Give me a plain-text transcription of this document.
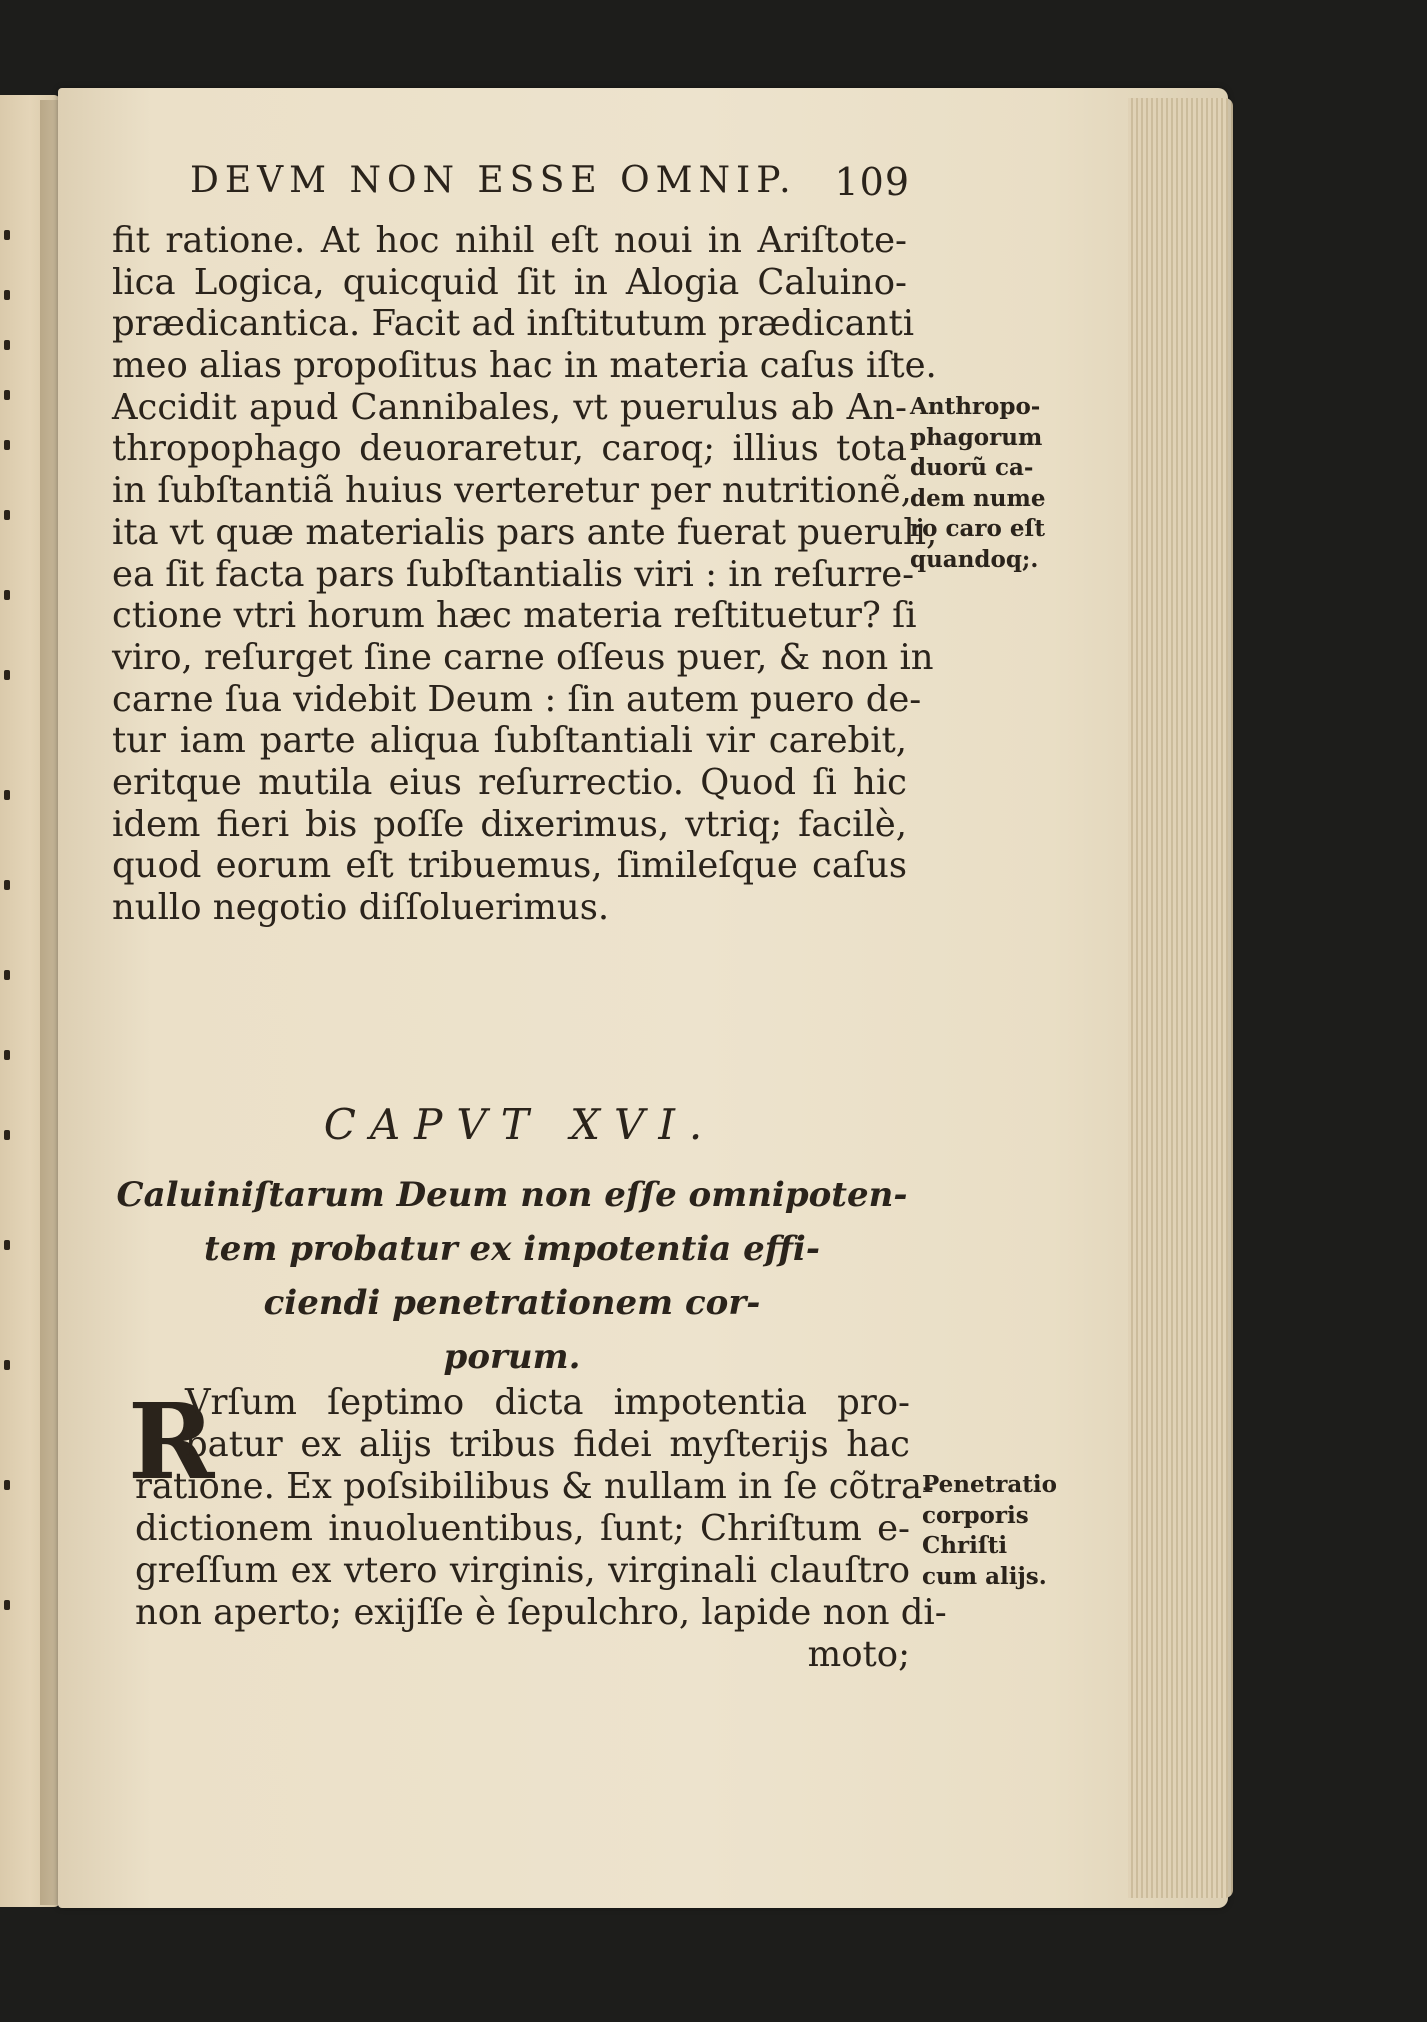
DEVM NON ESSE OMNIP. 109
fit ratione. At hoc nihil eſt noui in Ariſtote-
lica Logica, quicquid ſit in Alogia Caluino-
prædicantica. Facit ad inſtitutum prædicanti
meo alias propoſitus hac in materia caſus iſte.
Accidit apud Cannibales, vt puerulus ab An-
thropophago deuoraretur, caroq; illius tota
in ſubſtantiã huius verteretur per nutritionẽ,
ita vt quæ materialis pars ante fuerat pueruli,
ea ſit facta pars ſubſtantialis viri : in reſurre-
ctione vtri horum hæc materia reſtituetur? ſi
viro, reſurget ſine carne oſſeus puer, & non in
carne ſua videbit Deum : ſin autem puero de-
tur iam parte aliqua ſubſtantiali vir carebit,
eritque mutila eius reſurrectio. Quod ſi hic
idem fieri bis poſſe dixerimus, vtriq; facilè,
quod eorum eſt tribuemus, ſimileſque caſus
nullo negotio diſſoluerimus.
Anthropo-
phagorum
duorũ ca-
dem nume
ro caro eſt
quandoq;.
CAPVT XVI.
Caluiniſtarum Deum non eſſe omnipoten-
tem probatur ex impotentia effi-
ciendi penetrationem cor-
porum.
R
Vrſum ſeptimo dicta impotentia pro-
batur ex alijs tribus fidei myſterijs hac
ratione. Ex poſsibilibus & nullam in ſe cõtra-
dictionem inuoluentibus, ſunt; Chriſtum e-
greſſum ex vtero virginis, virginali clauſtro
non aperto; exijſſe è ſepulchro, lapide non di-
moto;
Penetratio
corporis
Chriſti
cum alijs.
